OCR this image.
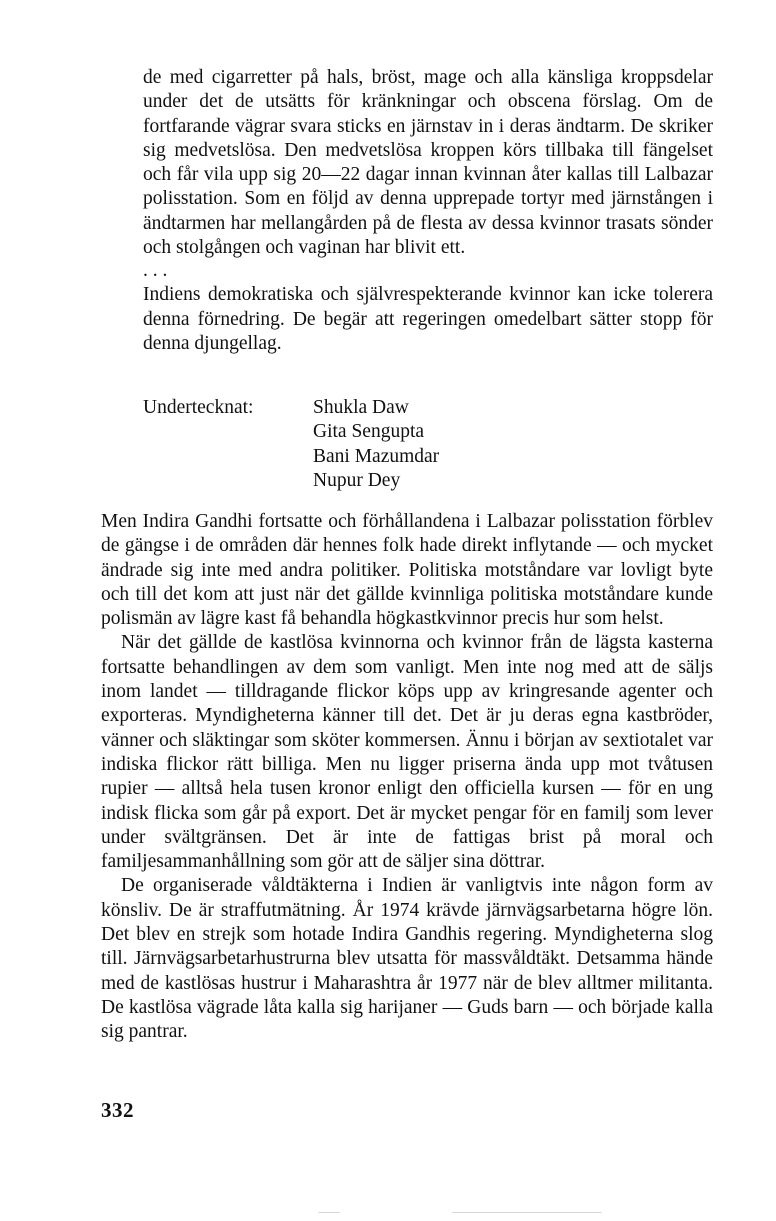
de med cigarretter på hals, bröst, mage och alla känsliga kroppsdelar under det de utsätts för kränkningar och obscena förslag. Om de fortfarande vägrar svara sticks en järnstav in i deras ändtarm. De skriker sig medvetslösa. Den medvetslösa kroppen körs tillbaka till fängelset och får vila upp sig 20—22 dagar innan kvinnan åter kallas till Lalbazar polisstation. Som en följd av denna upprepade tortyr med järnstången i ändtarmen har mellangården på de flesta av dessa kvinnor trasats sönder och stolgången och vaginan har blivit ett.

. . .

Indiens demokratiska och självrespekterande kvinnor kan icke tolerera denna förnedring. De begär att regeringen omedelbart sätter stopp för denna djungellag.

Undertecknat:	Shukla Daw
Gita Sengupta
Bani Mazumdar
Nupur Dey

Men Indira Gandhi fortsatte och förhållandena i Lalbazar polisstation förblev de gängse i de områden där hennes folk hade direkt inflytande — och mycket ändrade sig inte med andra politiker. Politiska motståndare var lovligt byte och till det kom att just när det gällde kvinnliga politiska motståndare kunde polismän av lägre kast få behandla högkastkvinnor precis hur som helst.

När det gällde de kastlösa kvinnorna och kvinnor från de lägsta kasterna fortsatte behandlingen av dem som vanligt. Men inte nog med att de säljs inom landet — tilldragande flickor köps upp av kringresande agenter och exporteras. Myndigheterna känner till det. Det är ju deras egna kastbröder, vänner och släktingar som sköter kommersen. Ännu i början av sextiotalet var indiska flickor rätt billiga. Men nu ligger priserna ända upp mot tvåtusen rupier — alltså hela tusen kronor enligt den officiella kursen — för en ung indisk flicka som går på export. Det är mycket pengar för en familj som lever under svältgränsen. Det är inte de fattigas brist på moral och familjesammanhållning som gör att de säljer sina döttrar.

De organiserade våldtäkterna i Indien är vanligtvis inte någon form av könsliv. De är straffutmätning. År 1974 krävde järnvägsarbetarna högre lön. Det blev en strejk som hotade Indira Gandhis regering. Myndigheterna slog till. Järnvägsarbetarhustrurna blev utsatta för massvåldtäkt. Detsamma hände med de kastlösas hustrur i Maharashtra år 1977 när de blev alltmer militanta. De kastlösa vägrade låta kalla sig harijaner — Guds barn — och började kalla sig pantrar.

332
